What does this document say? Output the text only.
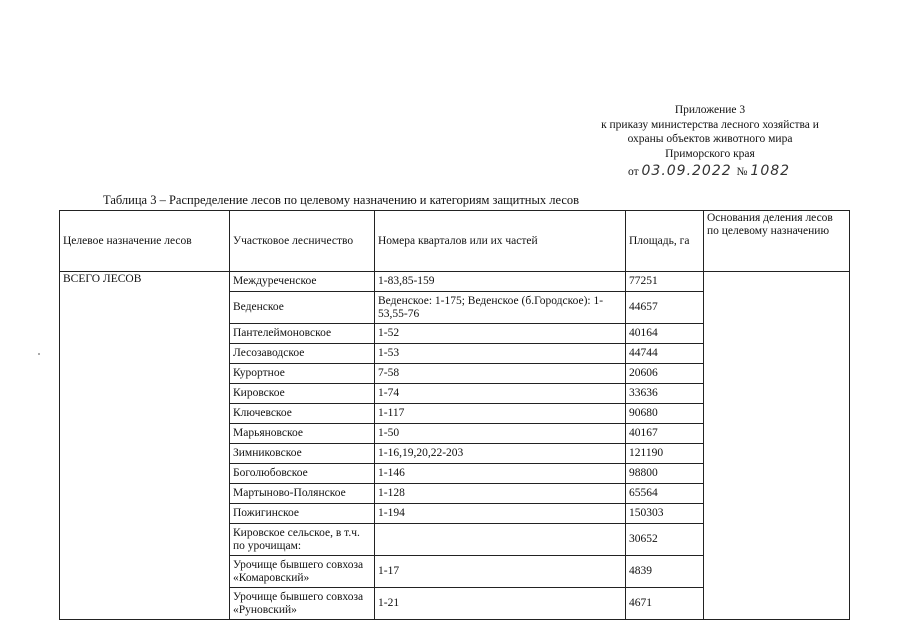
Приложение 3
к приказу министерства лесного хозяйства и
охраны объектов животного мира
Приморского края
от 03.09.2022 № 1082
Таблица 3 – Распределение лесов по целевому назначению и категориям защитных лесов
Целевое назначение лесов	Участковое лесничество	Номера кварталов или их частей	Площадь, га	Основания деления лесов по целевому назначению
ВСЕГО ЛЕСОВ	Междуреченское	1-83,85-159	77251	
	Веденское	Веденское: 1-175; Веденское (б.Городское): 1-53,55-76	44657	
	Пантелеймоновское	1-52	40164	
	Лесозаводское	1-53	44744	
	Курортное	7-58	20606	
	Кировское	1-74	33636	
	Ключевское	1-117	90680	
	Марьяновское	1-50	40167	
	Зимниковское	1-16,19,20,22-203	121190	
	Боголюбовское	1-146	98800	
	Мартыново-Полянское	1-128	65564	
	Пожигинское	1-194	150303	
	Кировское сельское, в т.ч. по урочищам:		30652	
	Урочище бывшего совхоза «Комаровский»	1-17	4839	
	Урочище бывшего совхоза «Руновский»	1-21	4671	
